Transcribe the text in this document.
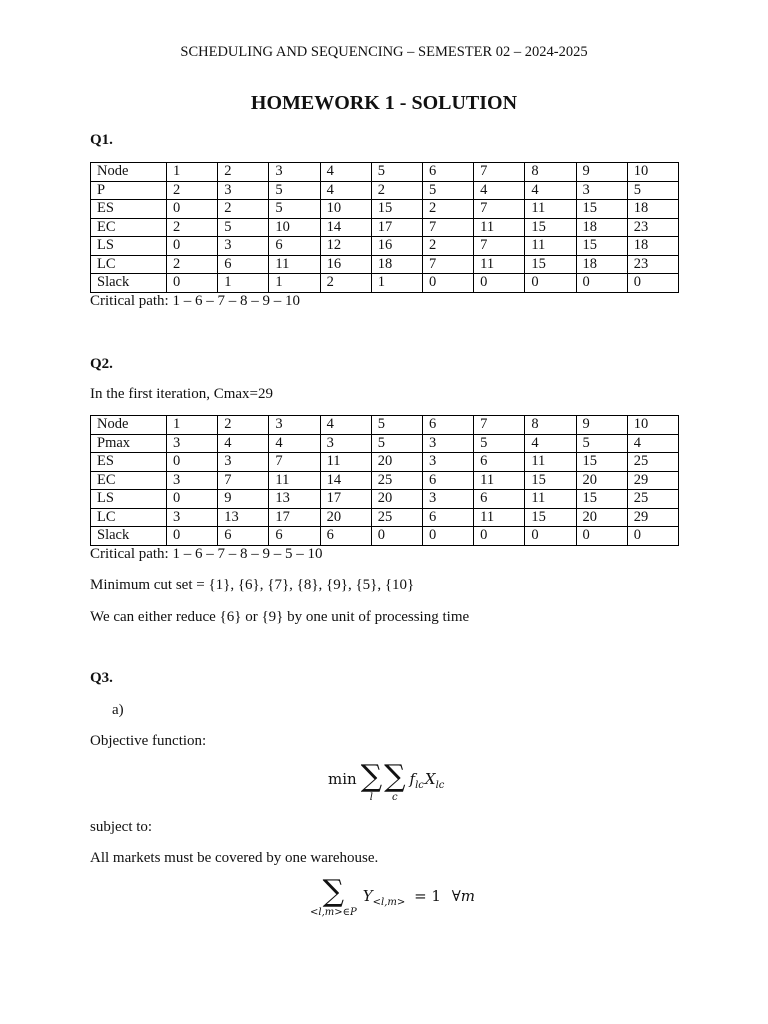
SCHEDULING AND SEQUENCING – SEMESTER 02 – 2024-2025
HOMEWORK 1 - SOLUTION
Q1.
Node	1	2	3	4	5	6	7	8	9	10
P	2	3	5	4	2	5	4	4	3	5
ES	0	2	5	10	15	2	7	11	15	18
EC	2	5	10	14	17	7	11	15	18	23
LS	0	3	6	12	16	2	7	11	15	18
LC	2	6	11	16	18	7	11	15	18	23
Slack	0	1	1	2	1	0	0	0	0	0
Critical path: 1 – 6 – 7 – 8 – 9 – 10
Q2.
In the first iteration, Cmax=29
Node	1	2	3	4	5	6	7	8	9	10
Pmax	3	4	4	3	5	3	5	4	5	4
ES	0	3	7	11	20	3	6	11	15	25
EC	3	7	11	14	25	6	11	15	20	29
LS	0	9	13	17	20	3	6	11	15	25
LC	3	13	17	20	25	6	11	15	20	29
Slack	0	6	6	6	0	0	0	0	0	0
Critical path: 1 – 6 – 7 – 8 – 9 – 5 – 10
Minimum cut set = {1}, {6}, {7}, {8}, {9}, {5}, {10}
We can either reduce {6} or {9} by one unit of processing time
Q3.
a)
Objective function:
min ∑
l
∑
c
$f_{lc}X_{lc}$
subject to:
All markets must be covered by one warehouse.
∑
<l,m>∈P
$Y_{<l,m>} = 1$ ∀m
